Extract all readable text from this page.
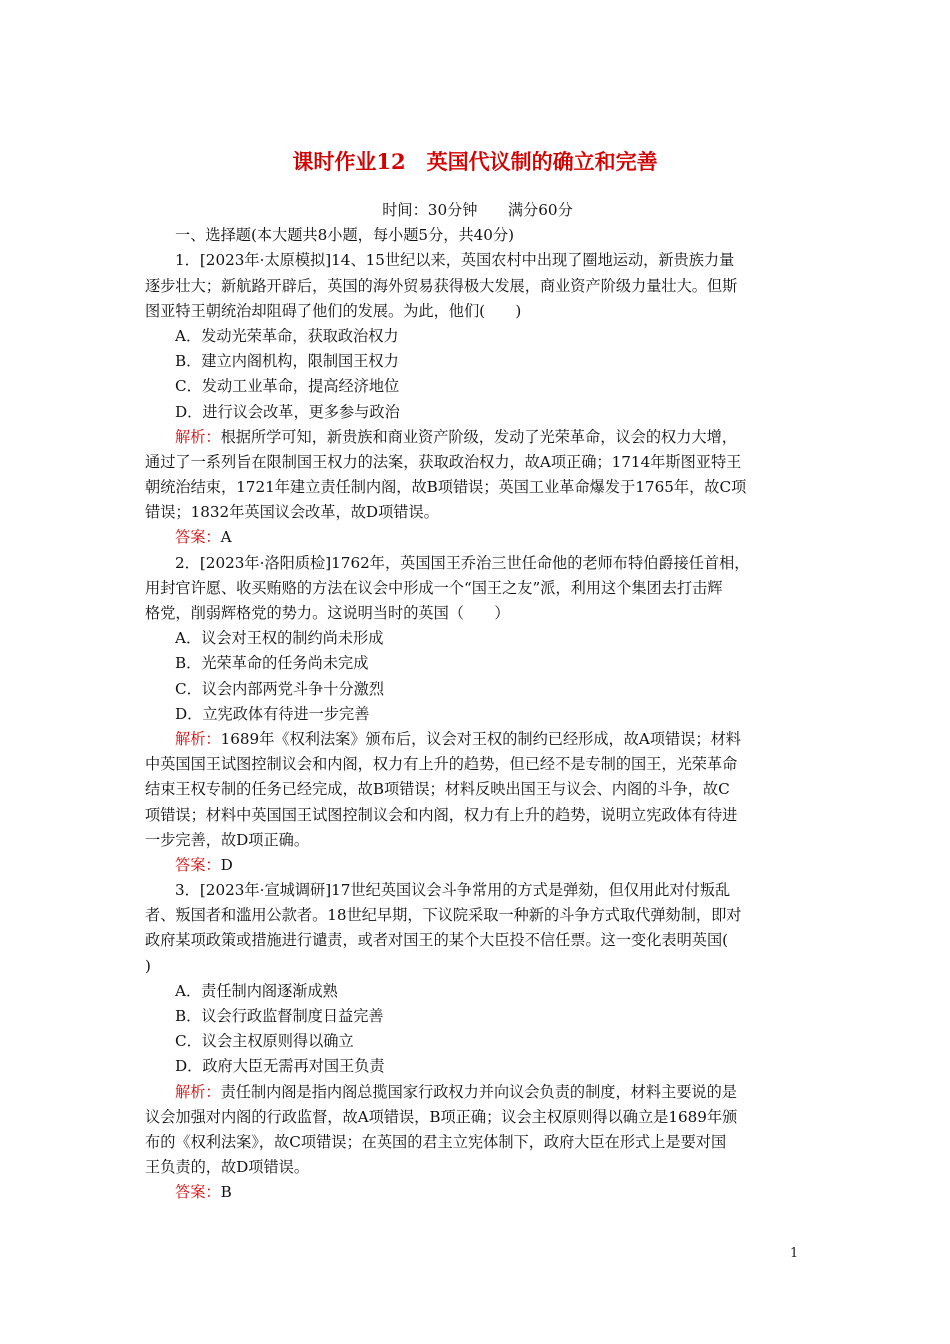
课时作业12　英国代议制的确立和完善
时间：30分钟　　满分60分
一、选择题(本大题共8小题，每小题5分，共40分)
1．[2023年·太原模拟]14、15世纪以来，英国农村中出现了圈地运动，新贵族力量
逐步壮大；新航路开辟后，英国的海外贸易获得极大发展，商业资产阶级力量壮大。但斯
图亚特王朝统治却阻碍了他们的发展。为此，他们(　　)
A．发动光荣革命，获取政治权力
B．建立内阁机构，限制国王权力
C．发动工业革命，提高经济地位
D．进行议会改革，更多参与政治
解析：根据所学可知，新贵族和商业资产阶级，发动了光荣革命，议会的权力大增，
通过了一系列旨在限制国王权力的法案，获取政治权力，故A项正确；1714年斯图亚特王
朝统治结束，1721年建立责任制内阁，故B项错误；英国工业革命爆发于1765年，故C项
错误；1832年英国议会改革，故D项错误。
答案：A
2．[2023年·洛阳质检]1762年，英国国王乔治三世任命他的老师布特伯爵接任首相，
用封官许愿、收买贿赂的方法在议会中形成一个“国王之友”派，利用这个集团去打击辉
格党，削弱辉格党的势力。这说明当时的英国（　　）
A．议会对王权的制约尚未形成
B．光荣革命的任务尚未完成
C．议会内部两党斗争十分激烈
D．立宪政体有待进一步完善
解析：1689年《权利法案》颁布后，议会对王权的制约已经形成，故A项错误；材料
中英国国王试图控制议会和内阁，权力有上升的趋势，但已经不是专制的国王，光荣革命
结束王权专制的任务已经完成，故B项错误；材料反映出国王与议会、内阁的斗争，故C
项错误；材料中英国国王试图控制议会和内阁，权力有上升的趋势，说明立宪政体有待进
一步完善，故D项正确。
答案：D
3．[2023年·宣城调研]17世纪英国议会斗争常用的方式是弹劾，但仅用此对付叛乱
者、叛国者和滥用公款者。18世纪早期，下议院采取一种新的斗争方式取代弹劾制，即对
政府某项政策或措施进行谴责，或者对国王的某个大臣投不信任票。这一变化表明英国(
)
A．责任制内阁逐渐成熟
B．议会行政监督制度日益完善
C．议会主权原则得以确立
D．政府大臣无需再对国王负责
解析：责任制内阁是指内阁总揽国家行政权力并向议会负责的制度，材料主要说的是
议会加强对内阁的行政监督，故A项错误，B项正确；议会主权原则得以确立是1689年颁
布的《权利法案》，故C项错误；在英国的君主立宪体制下，政府大臣在形式上是要对国
王负责的，故D项错误。
答案：B
1
